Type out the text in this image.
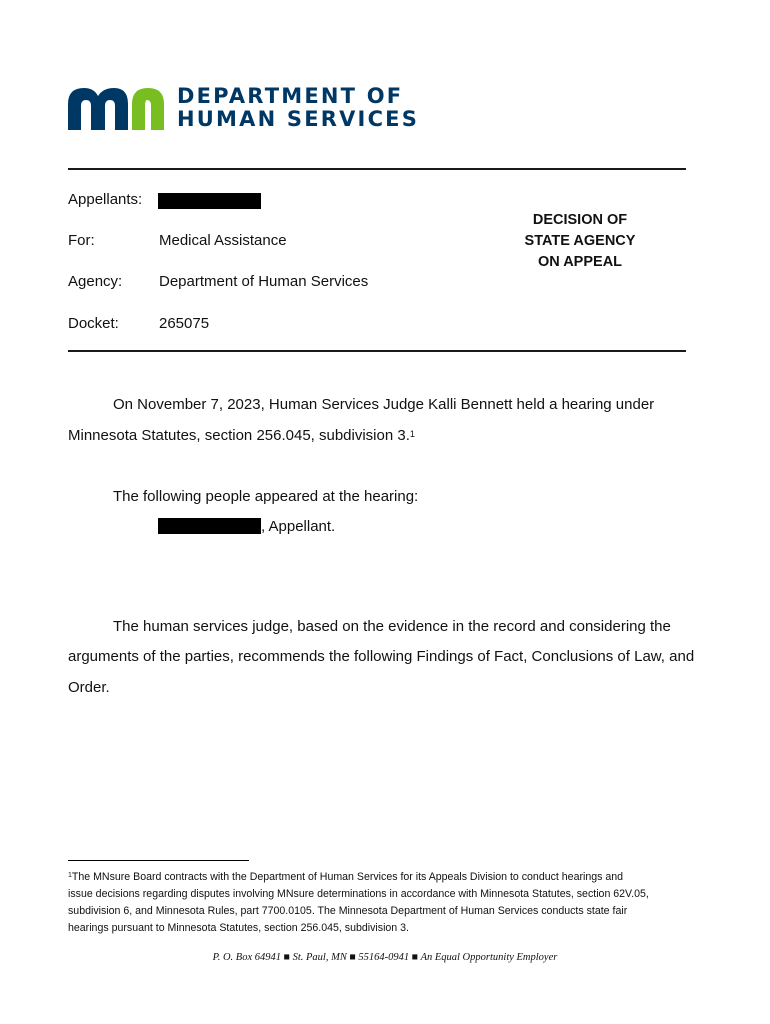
DEPARTMENT OF
HUMAN SERVICES
Appellants:
For:	Medical Assistance
Agency: Department of Human Services
Docket:	265075
DECISION OF
STATE AGENCY
ON APPEAL
On November 7, 2023, Human Services Judge Kalli Bennett held a hearing under
Minnesota Statutes, section 256.045, subdivision 3.$^1$
The following people appeared at the hearing:
, Appellant.
The human services judge, based on the evidence in the record and considering the
arguments of the parties, recommends the following Findings of Fact, Conclusions of Law, and
Order.
$^1$The MNsure Board contracts with the Department of Human Services for its Appeals Division to conduct hearings and
issue decisions regarding disputes involving MNsure determinations in accordance with Minnesota Statutes, section 62V.05,
subdivision 6, and Minnesota Rules, part 7700.0105. The Minnesota Department of Human Services conducts state fair
hearings pursuant to Minnesota Statutes, section 256.045, subdivision 3.
P. O. Box 64941 ■ St. Paul, MN ■ 55164-0941 ■ An Equal Opportunity Employer
